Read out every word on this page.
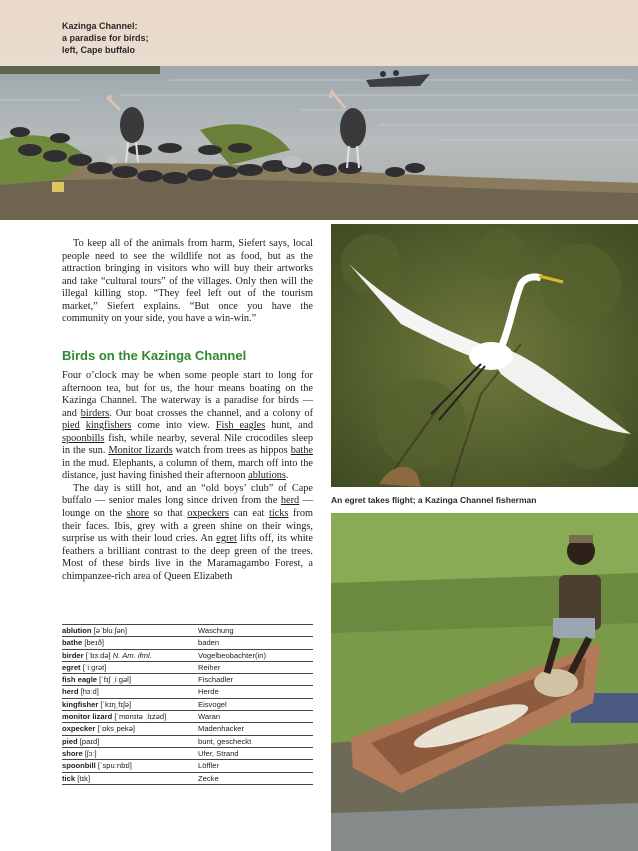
Kazinga Channel:
a paradise for birds;
left, Cape buffalo
An egret takes flight; a Kazinga Channel fisherman

To keep all of the animals from harm, Siefert says, local people need to see the wildlife not as food, but as the attraction bringing in visitors who will buy their artworks and take “cultural tours” of the villages. Only then will the illegal killing stop. “They feel left out of the tourism market,” Siefert explains. “But once you have the community on your side, you have a win-win.”

Birds on the Kazinga Channel

Four o’clock may be when some people start to long for afternoon tea, but for us, the hour means boating on the Kazinga Channel. The waterway is a paradise for birds — and birders. Our boat crosses the channel, and a colony of pied kingfishers come into view. Fish eagles hunt, and spoonbills fish, while nearby, several Nile crocodiles sleep in the sun. Monitor lizards watch from trees as hippos bathe in the mud. Elephants, a column of them, march off into the distance, just having finished their afternoon ablutions.

The day is still hot, and an “old boys’ club” of Cape buffalo — senior males long since driven from the herd — lounge on the shore so that oxpeckers can eat ticks from their faces. Ibis, grey with a green shine on their wings, surprise us with their loud cries. An egret lifts off, its white feathers a brilliant contrast to the deep green of the trees. Most of these birds live in the Maramagambo Forest, a chimpanzee-rich area of Queen Elizabeth

ablution [əˈbluːʃən]	Waschung
bathe [beɪð]	baden
birder [ˈbɜːdə] N. Am. ifml.	Vogelbeobachter(in)
egret [ˈiːɡrət]	Reiher
fish eagle [ˈfɪʃ ˌiːɡəl]	Fischadler
herd [hɜːd]	Herde
kingfisher [ˈkɪŋˌfɪʃə]	Eisvogel
monitor lizard [ˈmɒnɪtə ˌlɪzəd]	Waran
oxpecker [ˈɒksˌpekə]	Madenhacker
pied [paɪd]	bunt, gescheckt
shore [ʃɔː]	Ufer, Strand
spoonbill [ˈspuːnbɪl]	Löffler
tick [tɪk]	Zecke
